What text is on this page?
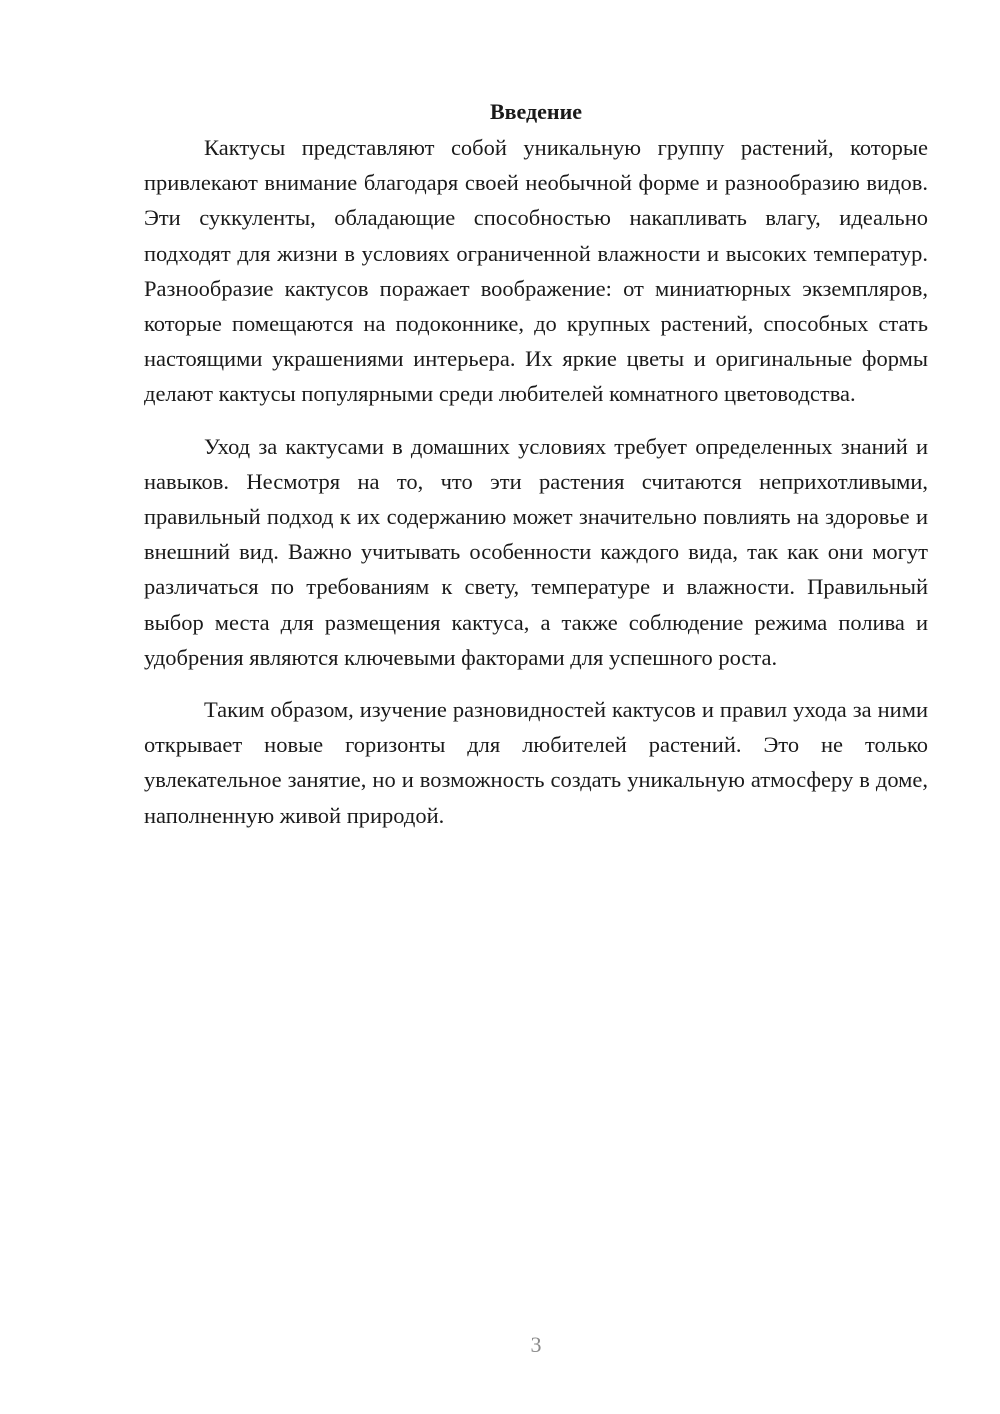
Введение

Кактусы представляют собой уникальную группу растений, которые привлекают внимание благодаря своей необычной форме и разнообразию видов. Эти суккуленты, обладающие способностью накапливать влагу, идеально подходят для жизни в условиях ограниченной влажности и высоких температур. Разнообразие кактусов поражает воображение: от миниатюрных экземпляров, которые помещаются на подоконнике, до крупных растений, способных стать настоящими украшениями интерьера. Их яркие цветы и оригинальные формы делают кактусы популярными среди любителей комнатного цветоводства.

Уход за кактусами в домашних условиях требует определенных знаний и навыков. Несмотря на то, что эти растения считаются неприхотливыми, правильный подход к их содержанию может значительно повлиять на здоровье и внешний вид. Важно учитывать особенности каждого вида, так как они могут различаться по требованиям к свету, температуре и влажности. Правильный выбор места для размещения кактуса, а также соблюдение режима полива и удобрения являются ключевыми факторами для успешного роста.

Таким образом, изучение разновидностей кактусов и правил ухода за ними открывает новые горизонты для любителей растений. Это не только увлекательное занятие, но и возможность создать уникальную атмосферу в доме, наполненную живой природой.

3
